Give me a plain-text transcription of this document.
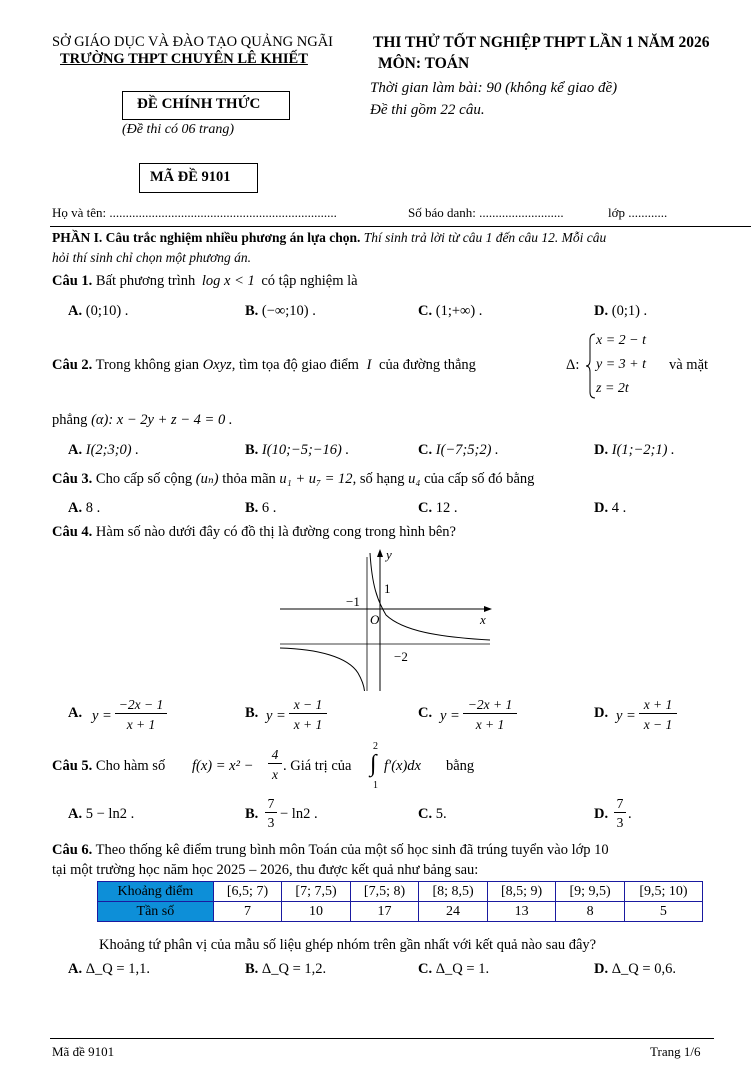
SỞ GIÁO DỤC VÀ ĐÀO TẠO QUẢNG NGÃI
TRƯỜNG THPT CHUYÊN LÊ KHIẾT
THI THỬ TỐT NGHIỆP THPT LẦN 1 NĂM 2026
MÔN: TOÁN
Thời gian làm bài: 90 (không kể giao đề)
Đề thi gồm 22 câu.
ĐỀ CHÍNH THỨC
(Đề thi có 06 trang)
MÃ ĐỀ 9101
Họ và tên: ......................................................................	Số báo danh: ..........................	lớp ............
PHẦN I. Câu trắc nghiệm nhiều phương án lựa chọn. Thí sinh trả lời từ câu 1 đến câu 12. Mỗi câu
hỏi thí sinh chỉ chọn một phương án.
Câu 1. Bất phương trình log x < 1 có tập nghiệm là
A. (0;10) .	B. (−∞;10) .	C. (1;+∞) .	D. (0;1) .
Câu 2. Trong không gian Oxyz, tìm tọa độ giao điểm I của đường thẳng	Δ:
x = 2 − t
y = 3 + t
z = 2t
và mặt
phẳng (α): x − 2y + z − 4 = 0 .
A. I(2;3;0) .	B. I(10;−5;−16) .	C. I(−7;5;2) .	D. I(1;−2;1) .
Câu 3. Cho cấp số cộng (uₙ) thỏa mãn u₁ + u₇ = 12, số hạng u₄ của cấp số đó bằng
A. 8 .	B. 6 .	C. 12 .	D. 4 .
Câu 4. Hàm số nào dưới đây có đồ thị là đường cong trong hình bên?
y
x
O
−1
1
−2
A. y =
−2x − 1
x + 1
B. y =
x − 1
x + 1
C. y =
−2x + 1
x + 1
D. y =
x + 1
x − 1
Câu 5. Cho hàm số f(x) = x² −
4
x
. Giá trị của
2
∫
1
f′(x)dx bằng
A. 5 − ln2 .	B.
7
3
− ln2 .	C. 5.	D.
7
3
.
Câu 6. Theo thống kê điểm trung bình môn Toán của một số học sinh đã trúng tuyển vào lớp 10
tại một trường học năm học 2025 – 2026, thu được kết quả như bảng sau:
Khoảng điểm	[6,5; 7)	[7; 7,5)	[7,5; 8)	[8; 8,5)	[8,5; 9)	[9; 9,5)	[9,5; 10)
Tần số	7	10	17	24	13	8	5
Khoảng tứ phân vị của mẫu số liệu ghép nhóm trên gần nhất với kết quả nào sau đây?
A. Δ_Q = 1,1.	B. Δ_Q = 1,2.	C. Δ_Q = 1.	D. Δ_Q = 0,6.
Mã đề 9101	Trang 1/6
